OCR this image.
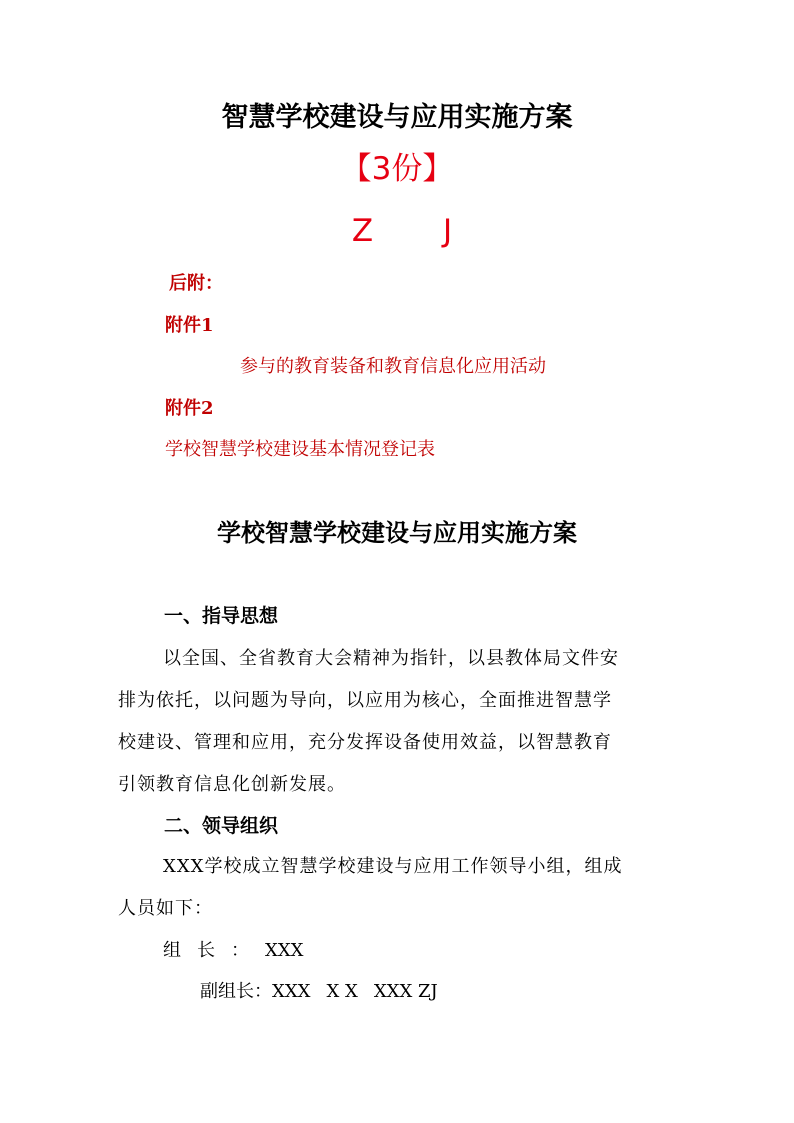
智慧学校建设与应用实施方案
【3份】
Z J
后附：
附件1
参与的教育装备和教育信息化应用活动
附件2
学校智慧学校建设基本情况登记表
学校智慧学校建设与应用实施方案
一、指导思想

以全国、全省教育大会精神为指针，以县教体局文件安

排为依托，以问题为导向，以应用为核心，全面推进智慧学

校建设、管理和应用，充分发挥设备使用效益，以智慧教育

引领教育信息化创新发展。

二、领导组织

XXX学校成立智慧学校建设与应用工作领导小组，组成

人员如下：

组长：XXX
副组长：XXX X X XXX ZJ
